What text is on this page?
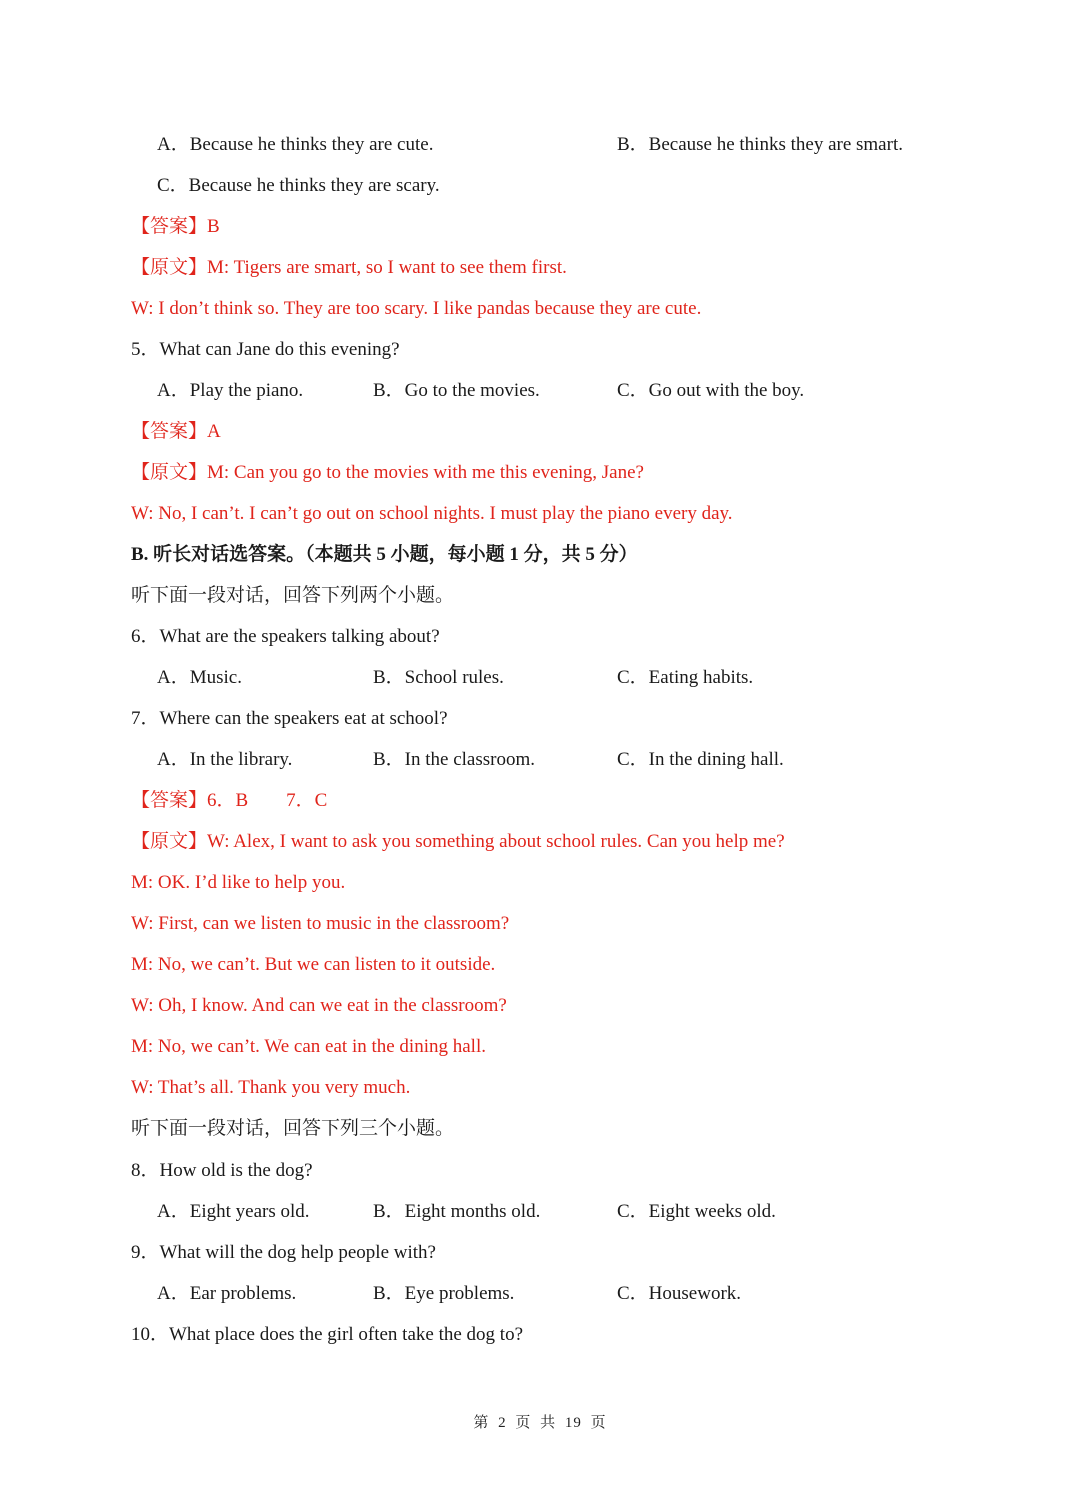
A．Because he thinks they are cute.	B．Because he thinks they are smart.
C．Because he thinks they are scary.
【答案】B
【原文】M: Tigers are smart, so I want to see them first.
W: I don’t think so. They are too scary. I like pandas because they are cute.
5．What can Jane do this evening?
A．Play the piano.	B．Go to the movies.	C．Go out with the boy.
【答案】A
【原文】M: Can you go to the movies with me this evening, Jane?
W: No, I can’t. I can’t go out on school nights. I must play the piano every day.
B. 听长对话选答案。（本题共 5 小题，每小题 1 分，共 5 分）
听下面一段对话，回答下列两个小题。
6．What are the speakers talking about?
A．Music.	B．School rules.	C．Eating habits.
7．Where can the speakers eat at school?
A．In the library.	B．In the classroom.	C．In the dining hall.
【答案】6．B　　7．C
【原文】W: Alex, I want to ask you something about school rules. Can you help me?
M: OK. I’d like to help you.
W: First, can we listen to music in the classroom?
M: No, we can’t. But we can listen to it outside.
W: Oh, I know. And can we eat in the classroom?
M: No, we can’t. We can eat in the dining hall.
W: That’s all. Thank you very much.
听下面一段对话，回答下列三个小题。
8．How old is the dog?
A．Eight years old.	B．Eight months old.	C．Eight weeks old.
9．What will the dog help people with?
A．Ear problems.	B．Eye problems.	C．Housework.
10．What place does the girl often take the dog to?
第 2 页 共 19 页
